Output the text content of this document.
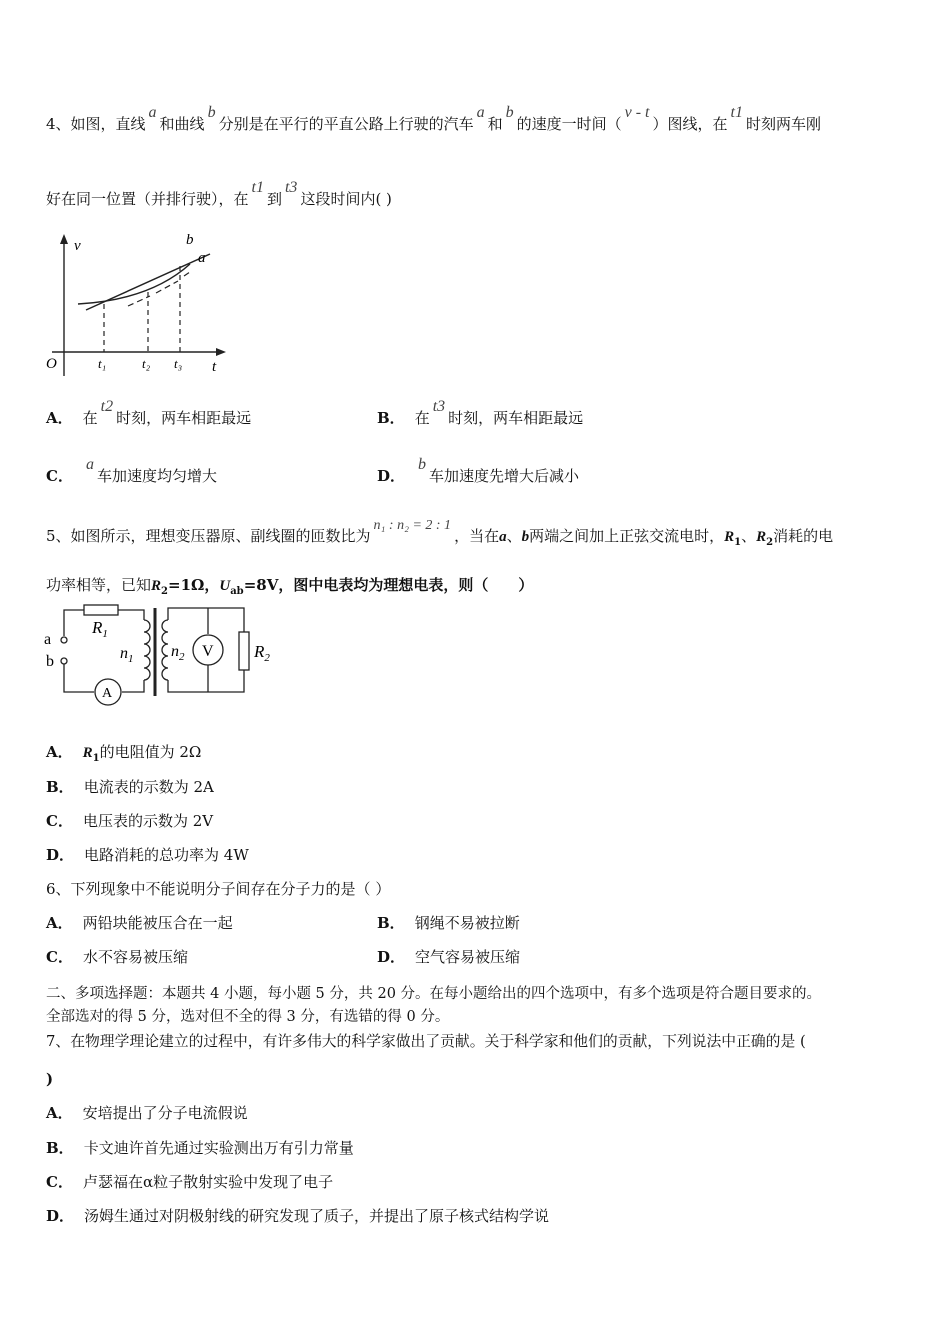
4、如图，直线a和曲线b分别是在平行的平直公路上行驶的汽车a和b的速度一时间（v - t）图线，在t1时刻两车刚
好在同一位置（并排行驶），在t1到t3这段时间内( )
v
t
O
a
b
t₁	t₂ t₃
A． 在t2时刻，两车相距最远	B． 在t3时刻，两车相距最远
C．a车加速度均匀增大	D．b车加速度先增大后减小
5、如图所示，理想变压器原、副线圈的匝数比为n₁ : n₂ = 2 : 1，当在a、b两端之间加上正弦交流电时，$R_1$、$R_2$消耗的电
功率相等，已知$R_2=1\Omega$，$U_{ab}=8V$，图中电表均为理想电表，则（　　）
a
b
$R_1$
$n_1$ $n_2$ V
A
$R_2$
A． $R_1$的电阻值为 2Ω
B． 电流表的示数为 2A
C． 电压表的示数为 2V
D． 电路消耗的总功率为 4W
6、下列现象中不能说明分子间存在分子力的是（ ）
A． 两铅块能被压合在一起	B． 钢绳不易被拉断
C． 水不容易被压缩	D． 空气容易被压缩
二、多项选择题：本题共 4 小题，每小题 5 分，共 20 分。在每小题给出的四个选项中，有多个选项是符合题目要求的。
全部选对的得 5 分，选对但不全的得 3 分，有选错的得 0 分。
7、在物理学理论建立的过程中，有许多伟大的科学家做出了贡献。关于科学家和他们的贡献，下列说法中正确的是 (
)
A． 安培提出了分子电流假说
B． 卡文迪许首先通过实验测出万有引力常量
C． 卢瑟福在α粒子散射实验中发现了电子
D． 汤姆生通过对阴极射线的研究发现了质子，并提出了原子核式结构学说
